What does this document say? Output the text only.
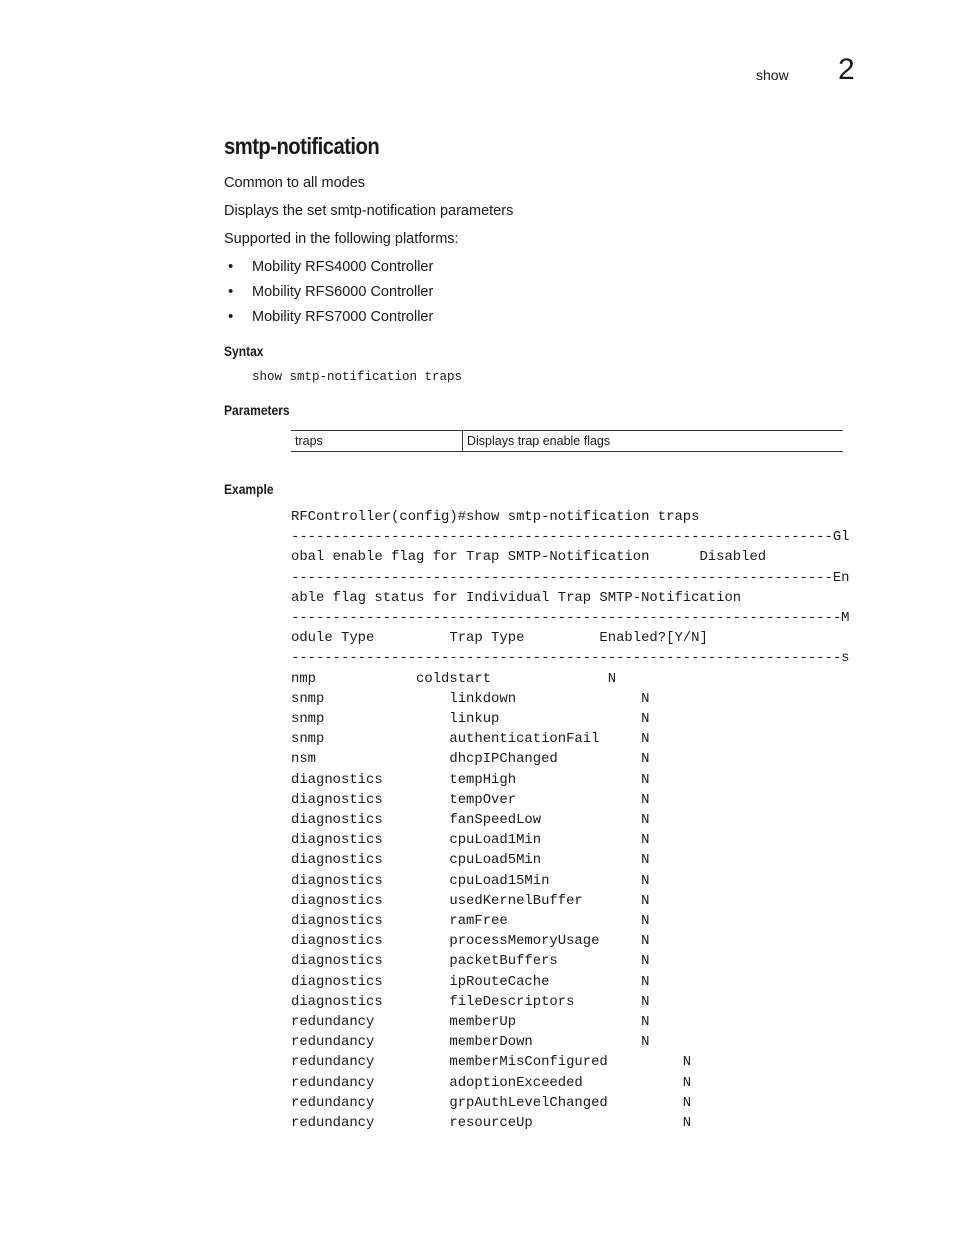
show 2
smtp-notification
Common to all modes
Displays the set smtp-notification parameters
Supported in the following platforms:
• Mobility RFS4000 Controller
• Mobility RFS6000 Controller
• Mobility RFS7000 Controller
Syntax
show smtp-notification traps
Parameters
traps	Displays trap enable flags
Example
RFController(config)#show smtp-notification traps
-----------------------------------------------------------------Gl
obal enable flag for Trap SMTP-Notification      Disabled
-----------------------------------------------------------------En
able flag status for Individual Trap SMTP-Notification
------------------------------------------------------------------M
odule Type         Trap Type         Enabled?[Y/N]
------------------------------------------------------------------s
nmp            coldstart              N
snmp               linkdown               N
snmp               linkup                 N
snmp               authenticationFail     N
nsm                dhcpIPChanged          N
diagnostics        tempHigh               N
diagnostics        tempOver               N
diagnostics        fanSpeedLow            N
diagnostics        cpuLoad1Min            N
diagnostics        cpuLoad5Min            N
diagnostics        cpuLoad15Min           N
diagnostics        usedKernelBuffer       N
diagnostics        ramFree                N
diagnostics        processMemoryUsage     N
diagnostics        packetBuffers          N
diagnostics        ipRouteCache           N
diagnostics        fileDescriptors        N
redundancy         memberUp               N
redundancy         memberDown             N
redundancy         memberMisConfigured         N
redundancy         adoptionExceeded            N
redundancy         grpAuthLevelChanged         N
redundancy         resourceUp                  N
